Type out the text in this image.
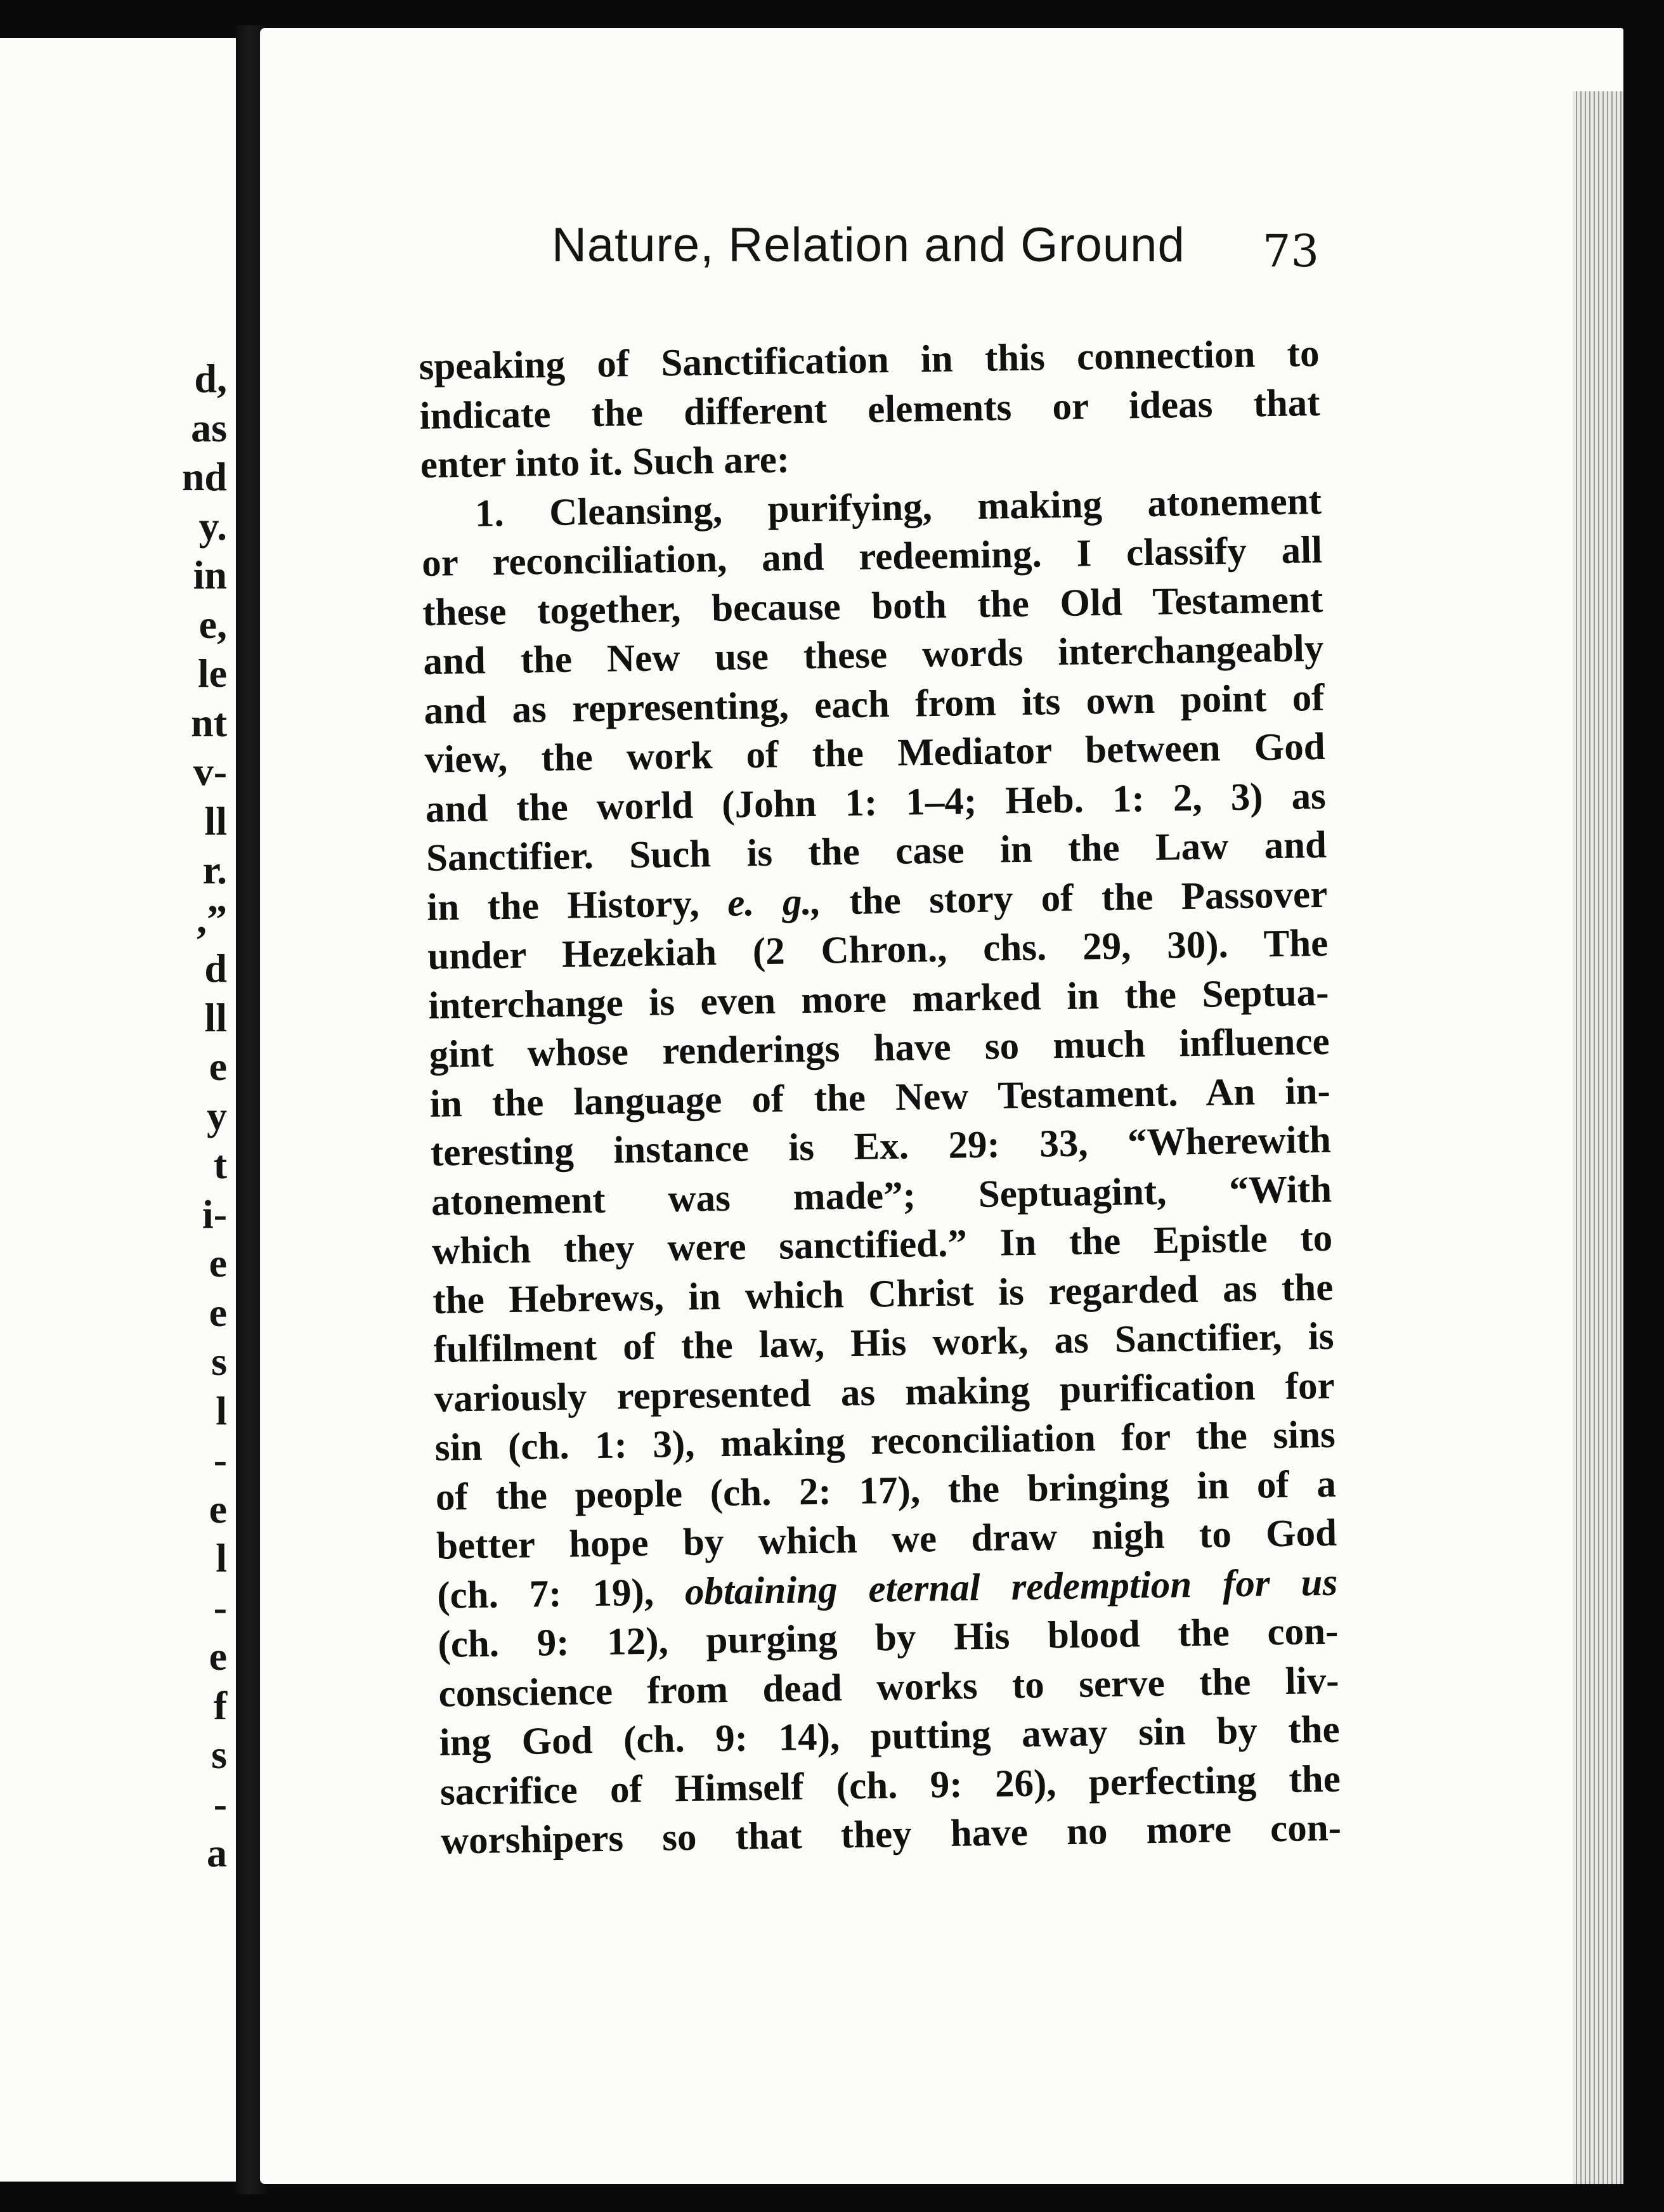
d,
as
nd
y.
in
e,
le
nt
v-
ll
r.
,”
d
ll
e
y
t
i-
e
e
s
l
-
e
l
-
e
f
s
-
a
Nature, Relation and Ground 73
speaking of Sanctification in this connection to
indicate the different elements or ideas that
enter into it. Such are:
1. Cleansing, purifying, making atonement
or reconciliation, and redeeming. I classify all
these together, because both the Old Testament
and the New use these words interchangeably
and as representing, each from its own point of
view, the work of the Mediator between God
and the world (John 1: 1–4; Heb. 1: 2, 3) as
Sanctifier. Such is the case in the Law and
in the History, e. g., the story of the Passover
under Hezekiah (2 Chron., chs. 29, 30). The
interchange is even more marked in the Septua-
gint whose renderings have so much influence
in the language of the New Testament. An in-
teresting instance is Ex. 29: 33, “Wherewith
atonement was made”; Septuagint, “With
which they were sanctified.” In the Epistle to
the Hebrews, in which Christ is regarded as the
fulfilment of the law, His work, as Sanctifier, is
variously represented as making purification for
sin (ch. 1: 3), making reconciliation for the sins
of the people (ch. 2: 17), the bringing in of a
better hope by which we draw nigh to God
(ch. 7: 19), obtaining eternal redemption for us
(ch. 9: 12), purging by His blood the con-
conscience from dead works to serve the liv-
ing God (ch. 9: 14), putting away sin by the
sacrifice of Himself (ch. 9: 26), perfecting the
worshipers so that they have no more con-
